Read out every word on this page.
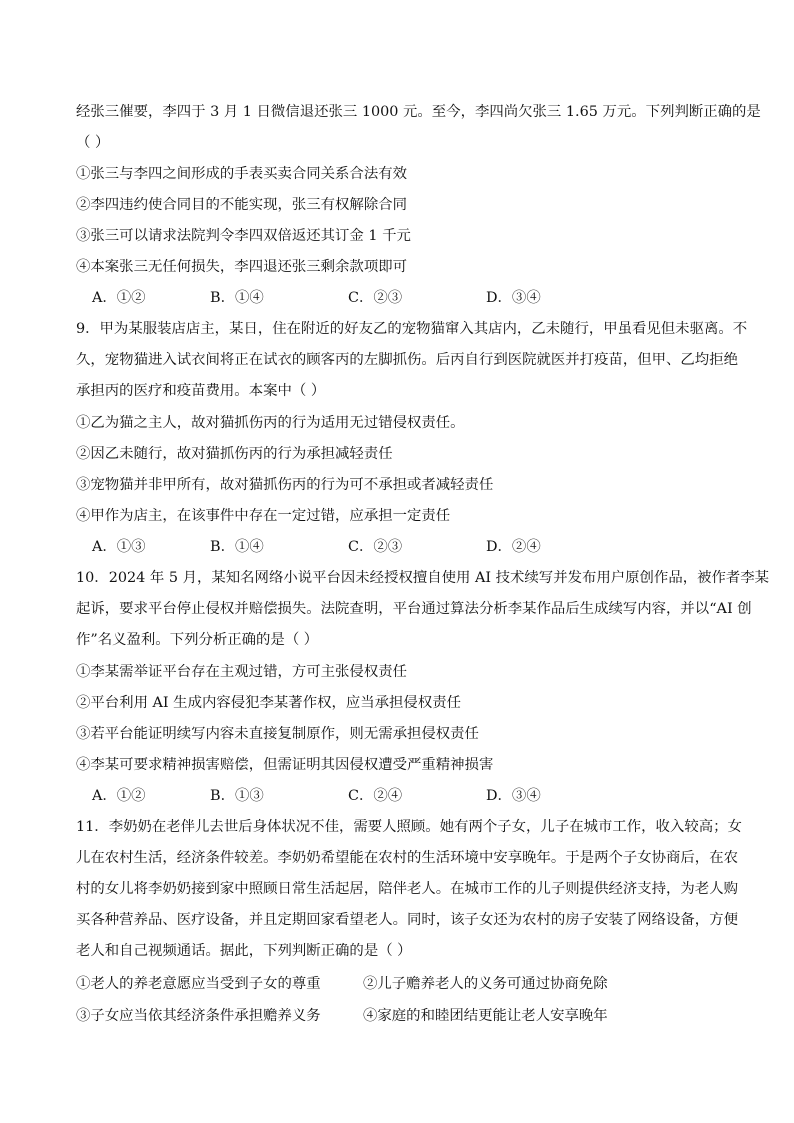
经张三催要，李四于 3 月 1 日微信退还张三 1000 元。至今，李四尚欠张三 1.65 万元。下列判断正确的是
（ ）
①张三与李四之间形成的手表买卖合同关系合法有效
②李四违约使合同目的不能实现，张三有权解除合同
③张三可以请求法院判令李四双倍返还其订金 1 千元
④本案张三无任何损失，李四退还张三剩余款项即可
A．①②	B．①④	C．②③	D．③④
9．甲为某服装店店主，某日，住在附近的好友乙的宠物猫窜入其店内，乙未随行，甲虽看见但未驱离。不
久，宠物猫进入试衣间将正在试衣的顾客丙的左脚抓伤。后丙自行到医院就医并打疫苗，但甲、乙均拒绝
承担丙的医疗和疫苗费用。本案中（ ）
①乙为猫之主人，故对猫抓伤丙的行为适用无过错侵权责任。
②因乙未随行，故对猫抓伤丙的行为承担减轻责任
③宠物猫并非甲所有，故对猫抓伤丙的行为可不承担或者减轻责任
④甲作为店主，在该事件中存在一定过错，应承担一定责任
A．①③	B．①④	C．②③	D．②④
10．2024 年 5 月，某知名网络小说平台因未经授权擅自使用 AI 技术续写并发布用户原创作品，被作者李某
起诉，要求平台停止侵权并赔偿损失。法院查明，平台通过算法分析李某作品后生成续写内容，并以“AI 创
作”名义盈利。下列分析正确的是（ ）
①李某需举证平台存在主观过错，方可主张侵权责任
②平台利用 AI 生成内容侵犯李某著作权，应当承担侵权责任
③若平台能证明续写内容未直接复制原作，则无需承担侵权责任
④李某可要求精神损害赔偿，但需证明其因侵权遭受严重精神损害
A．①②	B．①③	C．②④	D．③④
11．李奶奶在老伴儿去世后身体状况不佳，需要人照顾。她有两个子女，儿子在城市工作，收入较高；女
儿在农村生活，经济条件较差。李奶奶希望能在农村的生活环境中安享晚年。于是两个子女协商后，在农
村的女儿将李奶奶接到家中照顾日常生活起居，陪伴老人。在城市工作的儿子则提供经济支持，为老人购
买各种营养品、医疗设备，并且定期回家看望老人。同时，该子女还为农村的房子安装了网络设备，方便
老人和自己视频通话。据此，下列判断正确的是（ ）
①老人的养老意愿应当受到子女的尊重	②儿子赡养老人的义务可通过协商免除
③子女应当依其经济条件承担赡养义务	④家庭的和睦团结更能让老人安享晚年
